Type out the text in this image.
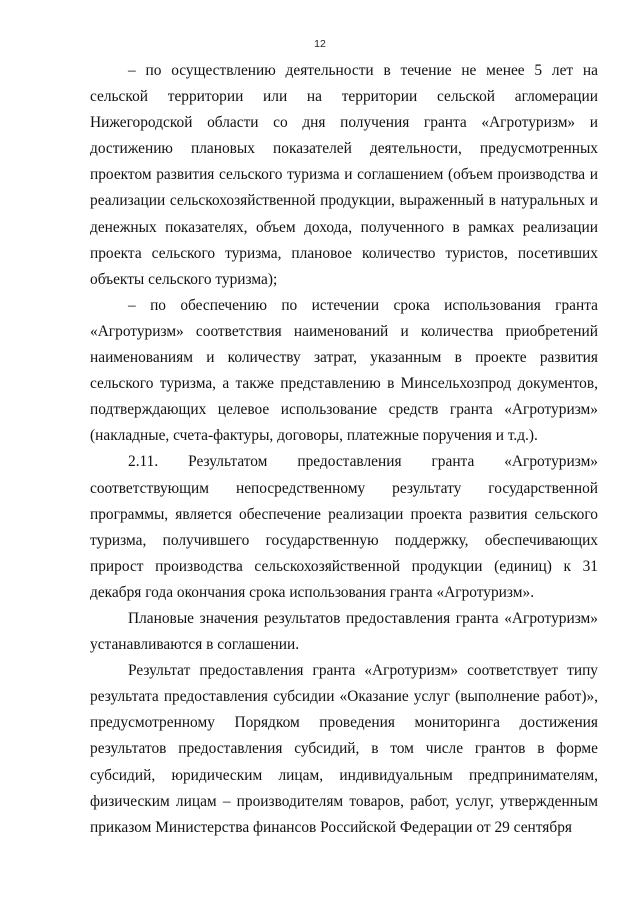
12

– по осуществлению деятельности в течение не менее 5 лет на сельской территории или на территории сельской агломерации Нижегородской области со дня получения гранта «Агротуризм» и достижению плановых показателей деятельности, предусмотренных проектом развития сельского туризма и соглашением (объем производства и реализации сельскохозяйственной продукции, выраженный в натуральных и денежных показателях, объем дохода, полученного в рамках реализации проекта сельского туризма, плановое количество туристов, посетивших объекты сельского туризма);

– по обеспечению по истечении срока использования гранта «Агротуризм» соответствия наименований и количества приобретений наименованиям и количеству затрат, указанным в проекте развития сельского туризма, а также представлению в Минсельхозпрод документов, подтверждающих целевое использование средств гранта «Агротуризм» (накладные, счета-фактуры, договоры, платежные поручения и т.д.).

2.11. Результатом предоставления гранта «Агротуризм» соответствующим непосредственному результату государственной программы, является обеспечение реализации проекта развития сельского туризма, получившего государственную поддержку, обеспечивающих прирост производства сельскохозяйственной продукции (единиц) к 31 декабря года окончания срока использования гранта «Агротуризм».

Плановые значения результатов предоставления гранта «Агротуризм» устанавливаются в соглашении.

Результат предоставления гранта «Агротуризм» соответствует типу результата предоставления субсидии «Оказание услуг (выполнение работ)», предусмотренному Порядком проведения мониторинга достижения результатов предоставления субсидий, в том числе грантов в форме субсидий, юридическим лицам, индивидуальным предпринимателям, физическим лицам – производителям товаров, работ, услуг, утвержденным приказом Министерства финансов Российской Федерации от 29 сентября
